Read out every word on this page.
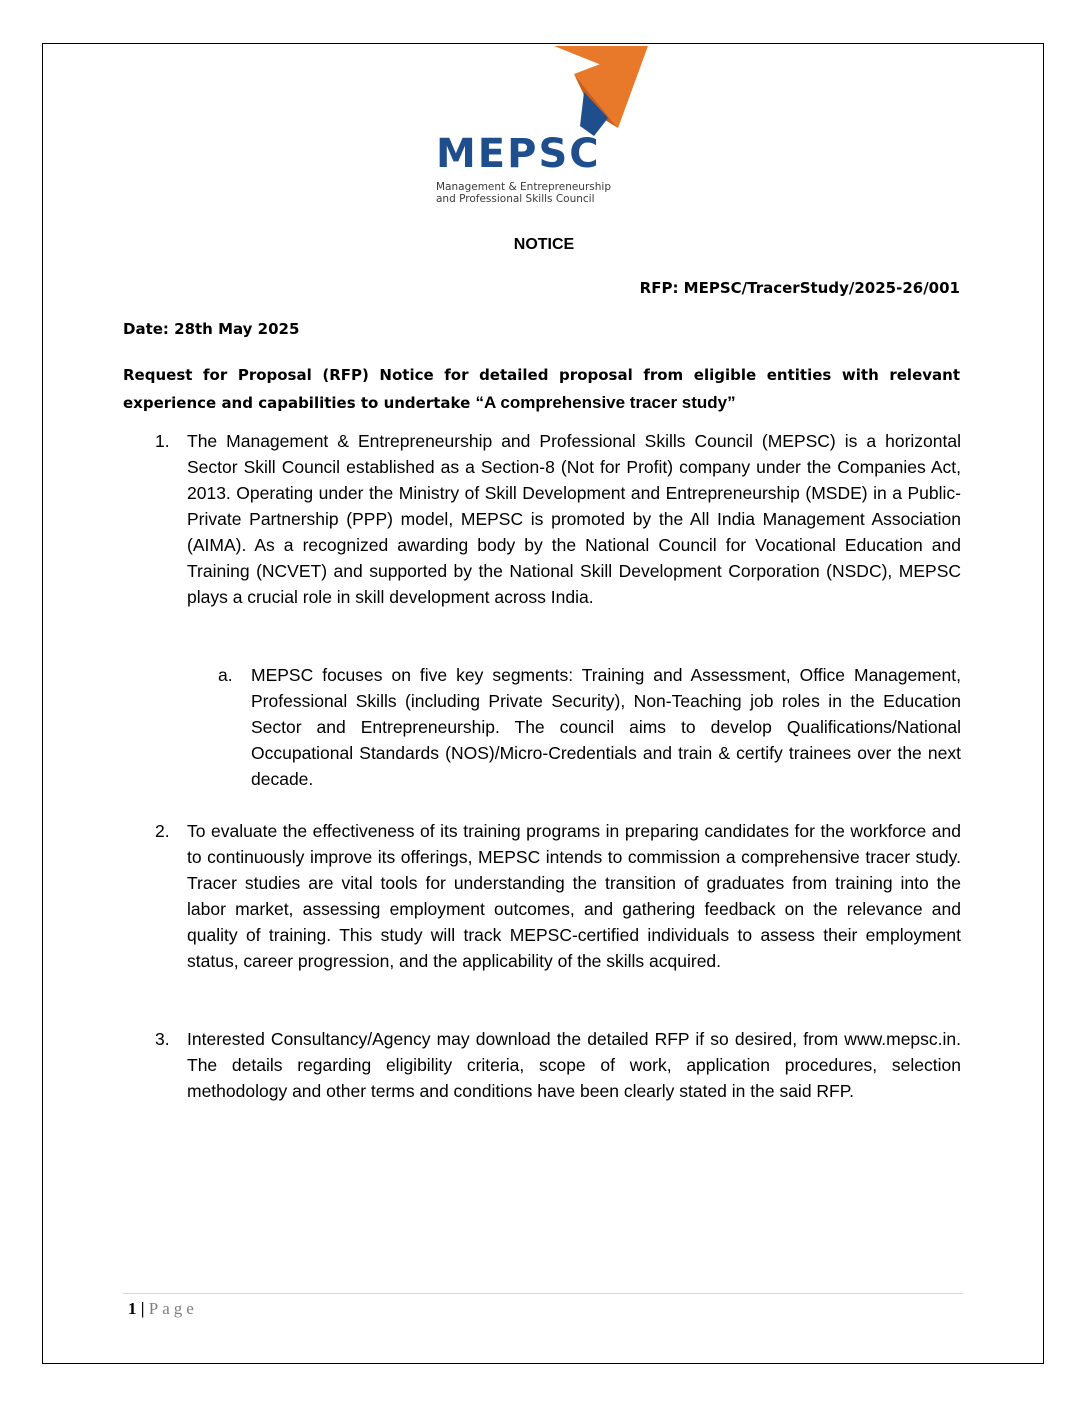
MEPSC
Management & Entrepreneurship
and Professional Skills Council
NOTICE
RFP: MEPSC/TracerStudy/2025-26/001
Date: 28th May 2025
Request for Proposal (RFP) Notice for detailed proposal from eligible entities with relevant experience and capabilities to undertake “A comprehensive tracer study”
1. The Management & Entrepreneurship and Professional Skills Council (MEPSC) is a horizontal Sector Skill Council established as a Section-8 (Not for Profit) company under the Companies Act, 2013. Operating under the Ministry of Skill Development and Entrepreneurship (MSDE) in a Public-Private Partnership (PPP) model, MEPSC is promoted by the All India Management Association (AIMA). As a recognized awarding body by the National Council for Vocational Education and Training (NCVET) and supported by the National Skill Development Corporation (NSDC), MEPSC plays a crucial role in skill development across India.
a. MEPSC focuses on five key segments: Training and Assessment, Office Management, Professional Skills (including Private Security), Non-Teaching job roles in the Education Sector and Entrepreneurship. The council aims to develop Qualifications/National Occupational Standards (NOS)/Micro-Credentials and train & certify trainees over the next decade.
2. To evaluate the effectiveness of its training programs in preparing candidates for the workforce and to continuously improve its offerings, MEPSC intends to commission a comprehensive tracer study. Tracer studies are vital tools for understanding the transition of graduates from training into the labor market, assessing employment outcomes, and gathering feedback on the relevance and quality of training. This study will track MEPSC-certified individuals to assess their employment status, career progression, and the applicability of the skills acquired.
3. Interested Consultancy/Agency may download the detailed RFP if so desired, from www.mepsc.in. The details regarding eligibility criteria, scope of work, application procedures, selection methodology and other terms and conditions have been clearly stated in the said RFP.
1 | Page
